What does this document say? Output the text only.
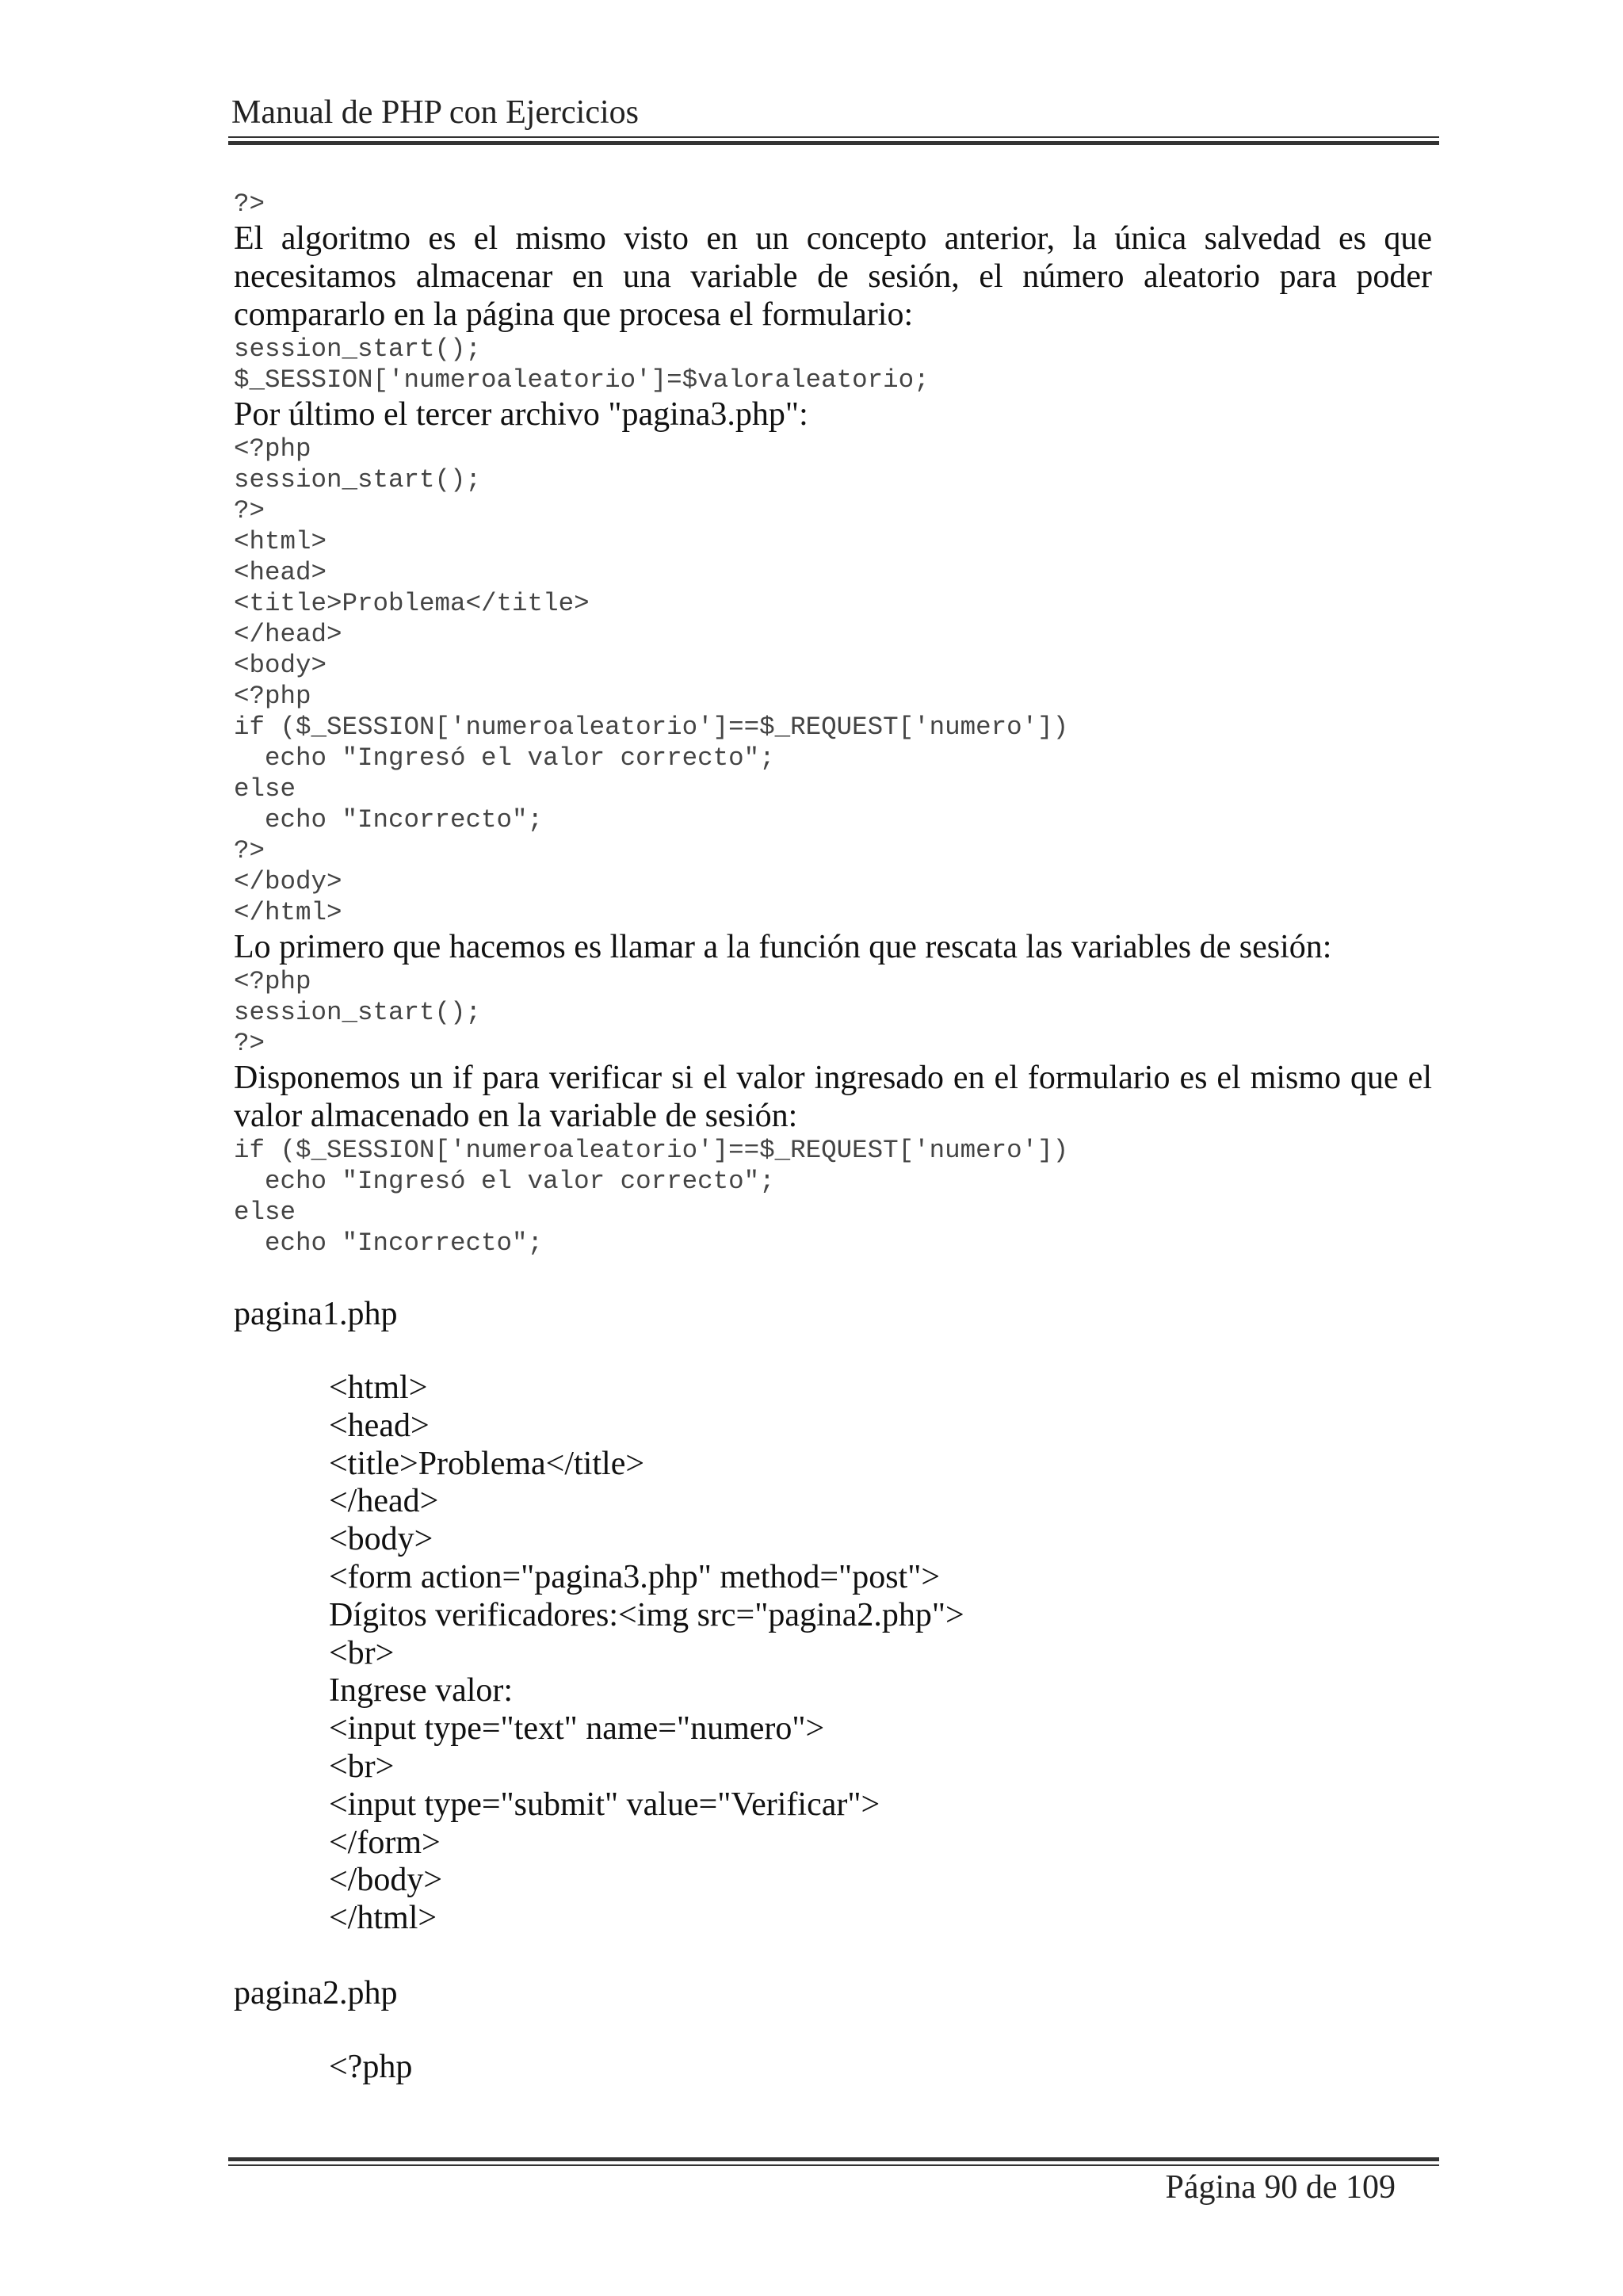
Manual de PHP con Ejercicios
?>

El algoritmo es el mismo visto en un concepto anterior, la única salvedad es que necesitamos almacenar en una variable de sesión, el número aleatorio para poder compararlo en la página que procesa el formulario:

session_start();
$_SESSION['numeroaleatorio']=$valoraleatorio;

Por último el tercer archivo "pagina3.php":

<?php
session_start();
?>
<html>
<head>
<title>Problema</title>
</head>
<body>
<?php
if ($_SESSION['numeroaleatorio']==$_REQUEST['numero'])
echo "Ingresó el valor correcto";
else
echo "Incorrecto";
?>
</body>
</html>

Lo primero que hacemos es llamar a la función que rescata las variables de sesión:

<?php
session_start();
?>

Disponemos un if para verificar si el valor ingresado en el formulario es el mismo que el valor almacenado en la variable de sesión:

if ($_SESSION['numeroaleatorio']==$_REQUEST['numero'])
echo "Ingresó el valor correcto";
else
echo "Incorrecto";

pagina1.php

<html>
<head>
<title>Problema</title>
</head>
<body>
<form action="pagina3.php" method="post">
Dígitos verificadores:<img src="pagina2.php">
<br>
Ingrese valor:
<input type="text" name="numero">
<br>
<input type="submit" value="Verificar">
</form>
</body>
</html>

pagina2.php

<?php
Página 90 de 109
